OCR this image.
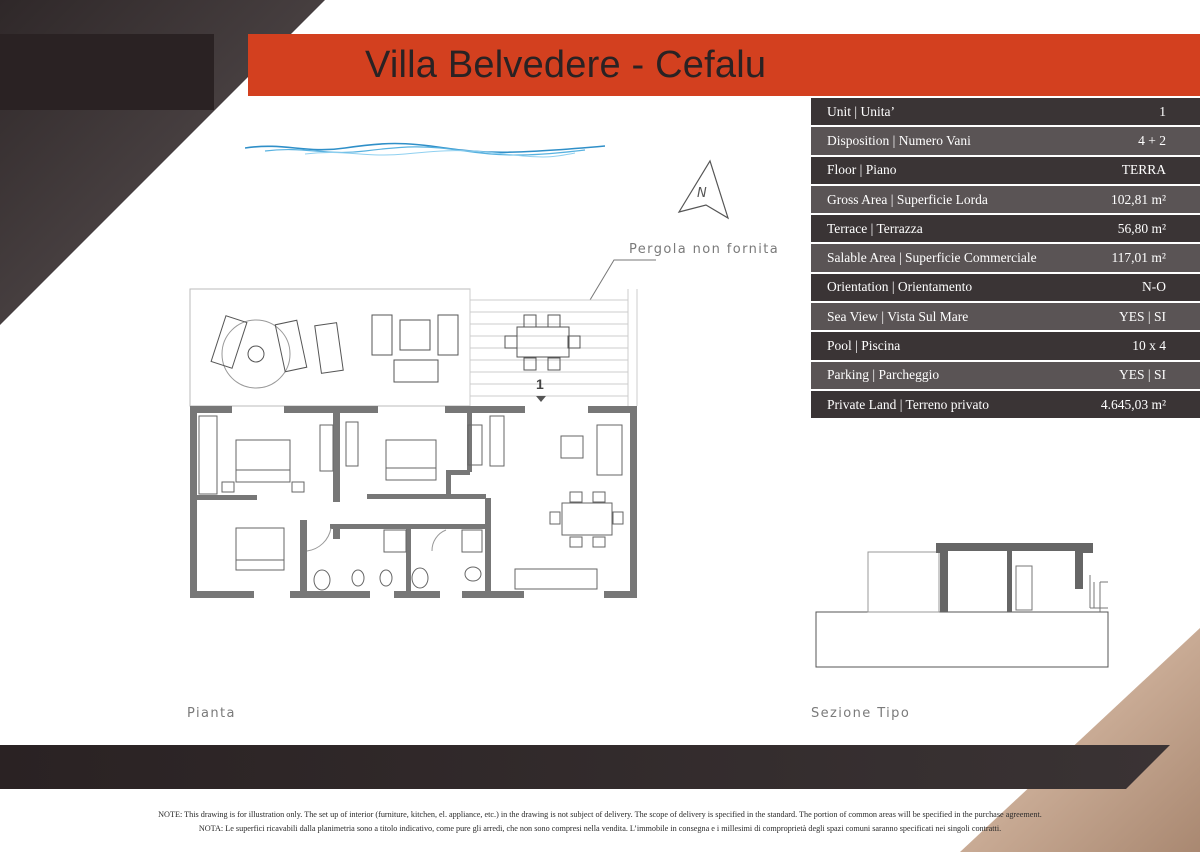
Villa Belvedere - Cefalu
Unit | Unita’	1
Disposition | Numero Vani	4 + 2
Floor | Piano	TERRA
Gross Area | Superficie Lorda	102,81 m²
Terrace | Terrazza	56,80 m²
Salable Area | Superficie Commerciale	117,01 m²
Orientation | Orientamento	N-O
Sea View | Vista Sul Mare	YES | SI
Pool | Piscina	10 x 4
Parking | Parcheggio	YES | SI
Private Land | Terreno privato	4.645,03 m²
N
Pergola non fornita
1
Pianta	Sezione Tipo
NOTE: This drawing is for illustration only. The set up of interior (furniture, kitchen, el. appliance, etc.) in the drawing is not subject of delivery. The scope of delivery is specified in the standard. The portion of common areas will be specified in the purchase agreement.
NOTA: Le superfici ricavabili dalla planimetria sono a titolo indicativo, come pure gli arredi, che non sono compresi nella vendita. L’immobile in consegna e i millesimi di comproprietà degli spazi comuni saranno specificati nei singoli contratti.
